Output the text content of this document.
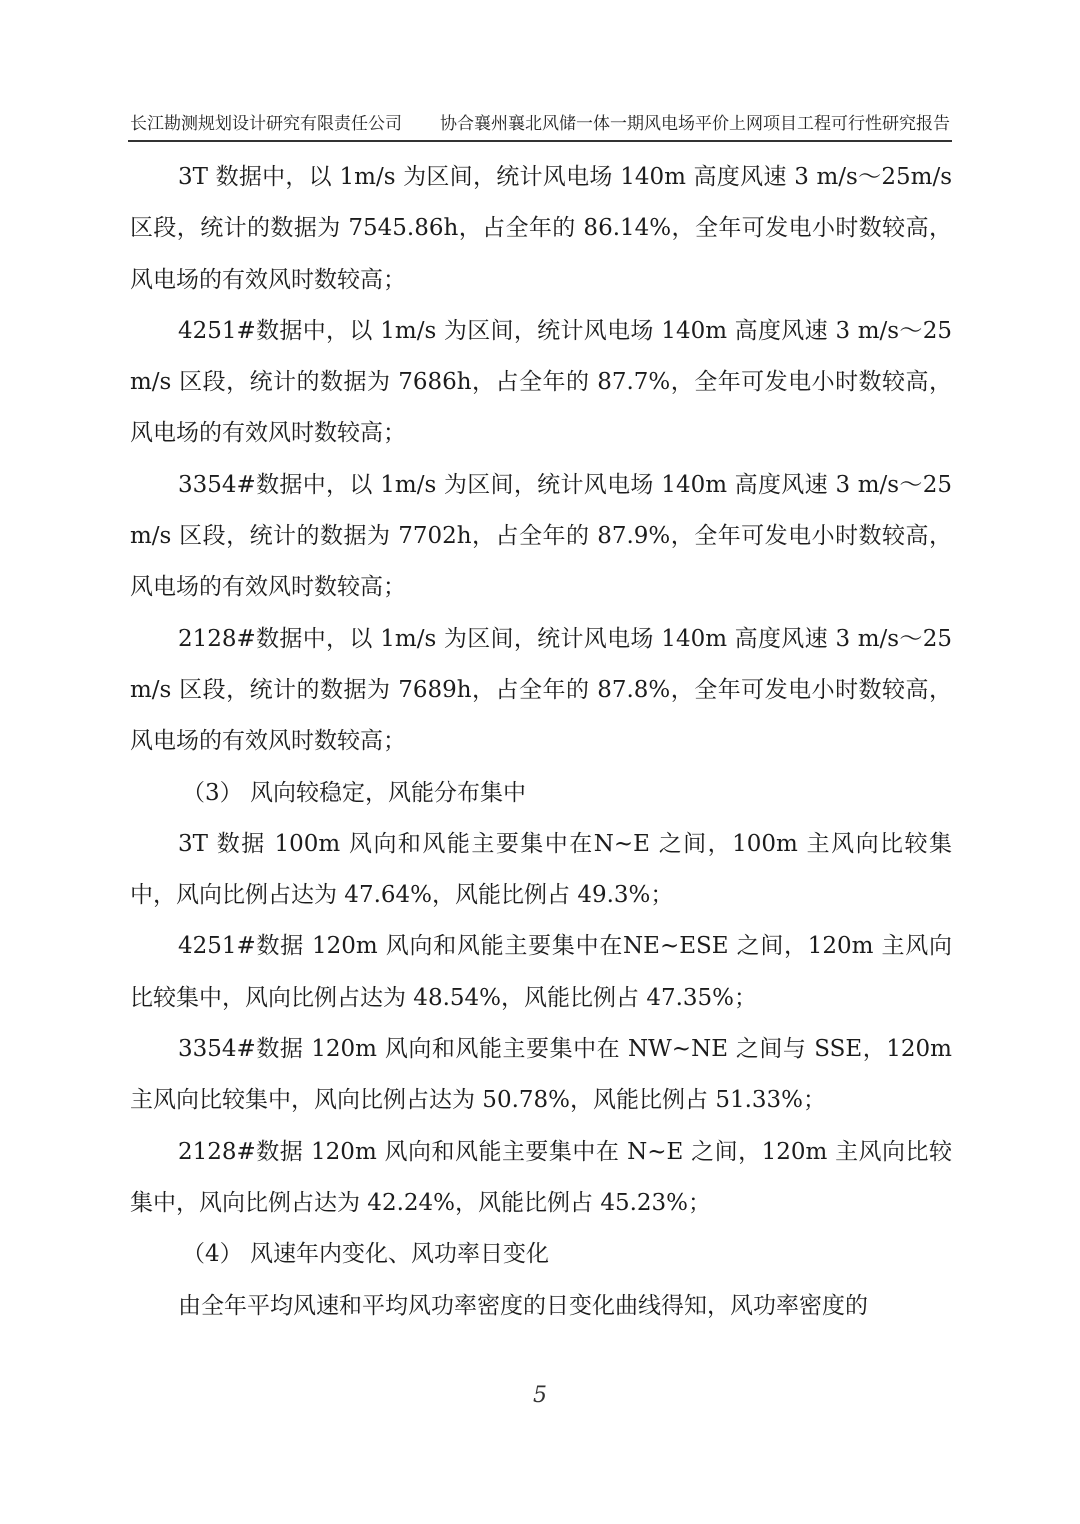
长江勘测规划设计研究有限责任公司 协合襄州襄北风储一体一期风电场平价上网项目工程可行性研究报告

3T 数据中，以 1m/s 为区间，统计风电场 140m 高度风速 3 m/s～25m/s 区段，统计的数据为 7545.86h，占全年的 86.14%，全年可发电小时数较高，风电场的有效风时数较高；

4251#数据中，以 1m/s 为区间，统计风电场 140m 高度风速 3 m/s～25m/s 区段，统计的数据为 7686h，占全年的 87.7%，全年可发电小时数较高，风电场的有效风时数较高；

3354#数据中，以 1m/s 为区间，统计风电场 140m 高度风速 3 m/s～25m/s 区段，统计的数据为 7702h，占全年的 87.9%，全年可发电小时数较高，风电场的有效风时数较高；

2128#数据中，以 1m/s 为区间，统计风电场 140m 高度风速 3 m/s～25m/s 区段，统计的数据为 7689h，占全年的 87.8%，全年可发电小时数较高，风电场的有效风时数较高；

（3） 风向较稳定，风能分布集中

3T 数据 100m 风向和风能主要集中在N~E 之间，100m 主风向比较集中，风向比例占达为 47.64%，风能比例占 49.3%；

4251#数据 120m 风向和风能主要集中在NE~ESE 之间，120m 主风向比较集中，风向比例占达为 48.54%，风能比例占 47.35%；

3354#数据 120m 风向和风能主要集中在 NW~NE 之间与 SSE，120m 主风向比较集中，风向比例占达为 50.78%，风能比例占 51.33%；

2128#数据 120m 风向和风能主要集中在 N~E 之间，120m 主风向比较集中，风向比例占达为 42.24%，风能比例占 45.23%；

（4） 风速年内变化、风功率日变化

由全年平均风速和平均风功率密度的日变化曲线得知，风功率密度的

5
